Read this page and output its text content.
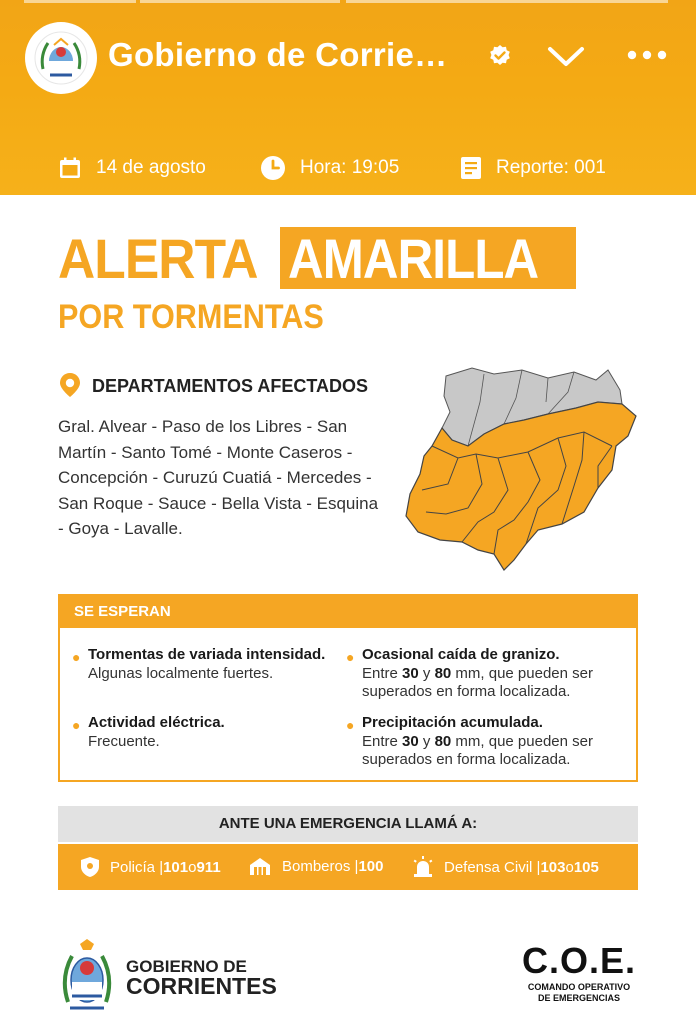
Gobierno de Corrie…
14 de agosto	Hora: 19:05	Reporte: 001
ALERTA AMARILLA
POR TORMENTAS
DEPARTAMENTOS AFECTADOS
Gral. Alvear - Paso de los Libres - San Martín - Santo Tomé - Monte Caseros - Concepción - Curuzú Cuatiá - Mercedes - San Roque - Sauce - Bella Vista - Esquina - Goya - Lavalle.
SE ESPERAN
● Tormentas de variada intensidad.
Algunas localmente fuertes.
● Actividad eléctrica.
Frecuente.
● Ocasional caída de granizo.
Entre 30 y 80 mm, que pueden ser superados en forma localizada.
● Precipitación acumulada.
Entre 30 y 80 mm, que pueden ser superados en forma localizada.
ANTE UNA EMERGENCIA LLAMÁ A:
Policía | 101 o 911	Bomberos | 100	Defensa Civil | 103 o 105
GOBIERNO DE
CORRIENTES
C.O.E.
COMANDO OPERATIVO
DE EMERGENCIAS
